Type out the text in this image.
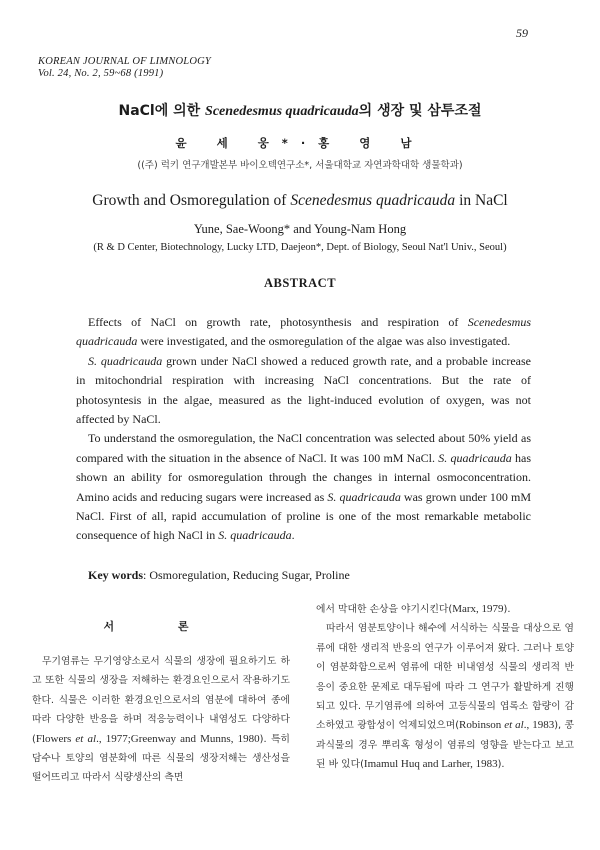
59
KOREAN JOURNAL OF LIMNOLOGY
Vol. 24, No. 2, 59~68 (1991)
NaCl에 의한 Scenedesmus quadricauda의 생장 및 삼투조절
윤 세 웅*·홍 영 남
((주) 럭키 연구개발본부 바이오텍연구소*, 서울대학교 자연과학대학 생물학과)
Growth and Osmoregulation of Scenedesmus quadricauda in NaCl
Yune, Sae-Woong* and Young-Nam Hong
(R & D Center, Biotechnology, Lucky LTD, Daejeon*, Dept. of Biology, Seoul Nat'l Univ., Seoul)
ABSTRACT

Effects of NaCl on growth rate, photosynthesis and respiration of Scenedesmus quadricauda were investigated, and the osmoregulation of the algae was also investigated.

S. quadricauda grown under NaCl showed a reduced growth rate, and a probable increase in mitochondrial respiration with increasing NaCl concentrations. But the rate of photosyntesis in the algae, measured as the light-induced evolution of oxygen, was not affected by NaCl.

To understand the osmoregulation, the NaCl concentration was selected about 50% yield as compared with the situation in the absence of NaCl. It was 100 mM NaCl. S. quadricauda has shown an ability for osmoregulation through the changes in internal osmoconcentration. Amino acids and reducing sugars were increased as S. quadricauda was grown under 100 mM NaCl. First of all, rapid accumulation of proline is one of the most remarkable metabolic consequence of high NaCl in S. quadricauda.

Key words: Osmoregulation, Reducing Sugar, Proline
서 론

무기염류는 무기영양소로서 식물의 생장에 필요하기도 하고 또한 식물의 생장을 저해하는 환경요인으로서 작용하기도 한다. 식물은 이러한 환경요인으로서의 염분에 대하여 종에 따라 다양한 반응을 하며 적응능력이나 내염성도 다양하다(Flowers et al., 1977;Greenway and Munns, 1980). 특히 담수나 토양의 염분화에 따른 식물의 생장저해는 생산성을 떨어뜨리고 따라서 식량생산의 측면

에서 막대한 손상을 야기시킨다(Marx, 1979).

따라서 염분토양이나 해수에 서식하는 식물을 대상으로 염류에 대한 생리적 반응의 연구가 이루어져 왔다. 그러나 토양이 염분화함으로써 염류에 대한 비내염성 식물의 생리적 반응이 중요한 문제로 대두됨에 따라 그 연구가 활발하게 진행되고 있다. 무기염류에 의하여 고등식물의 엽록소 함량이 감소하였고 광합성이 억제되었으며(Robinson et al., 1983), 콩과식물의 경우 뿌리혹 형성이 염류의 영향을 받는다고 보고된 바 있다(Imamul Huq and Larher, 1983).
